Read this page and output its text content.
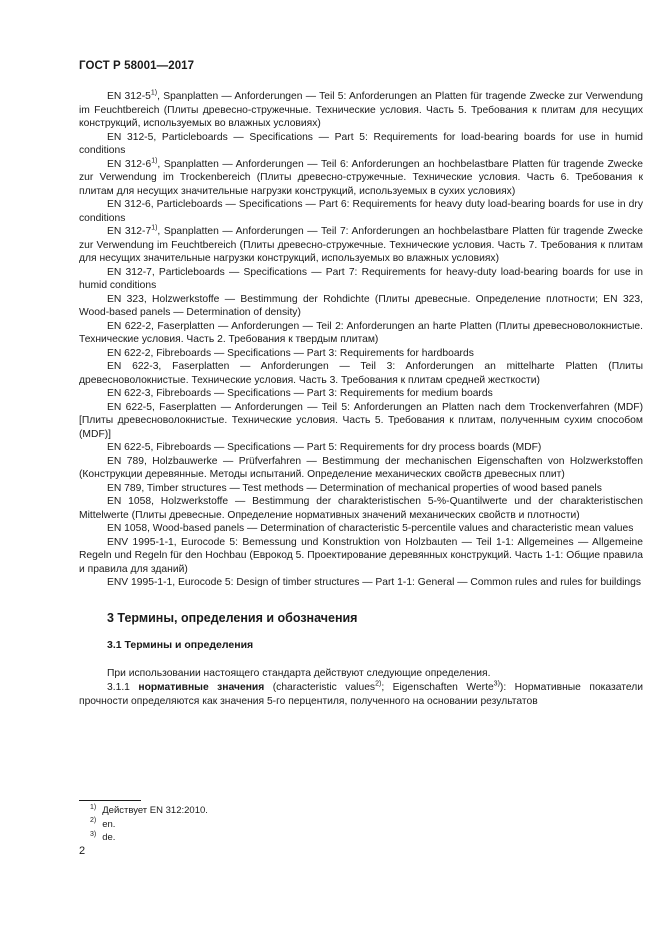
ГОСТ Р 58001—2017

EN 312-5$^{1)}$, Spanplatten — Anforderungen — Teil 5: Anforderungen an Platten für tragende Zwecke zur Verwendung im Feuchtbereich (Плиты древесно-стружечные. Технические условия. Часть 5. Требования к плитам для несущих конструкций, используемых во влажных условиях)

EN 312-5, Particleboards — Specifications — Part 5: Requirements for load-bearing boards for use in humid conditions

EN 312-6$^{1)}$, Spanplatten — Anforderungen — Teil 6: Anforderungen an hochbelastbare Platten für tragende Zwecke zur Verwendung im Trockenbereich (Плиты древесно-стружечные. Технические условия. Часть 6. Требования к плитам для несущих значительные нагрузки конструкций, используемых в сухих условиях)

EN 312-6, Particleboards — Specifications — Part 6: Requirements for heavy duty load-bearing boards for use in dry conditions

EN 312-7$^{1)}$, Spanplatten — Anforderungen — Teil 7: Anforderungen an hochbelastbare Platten für tragende Zwecke zur Verwendung im Feuchtbereich (Плиты древесно-стружечные. Технические условия. Часть 7. Требования к плитам для несущих значительные нагрузки конструкций, используемых во влажных условиях)

EN 312-7, Particleboards — Specifications — Part 7: Requirements for heavy-duty load-bearing boards for use in humid conditions

EN 323, Holzwerkstoffe — Bestimmung der Rohdichte (Плиты древесные. Определение плотности; EN 323, Wood-based panels — Determination of density)

EN 622-2, Faserplatten — Anforderungen — Teil 2: Anforderungen an harte Platten (Плиты древесноволокнистые. Технические условия. Часть 2. Требования к твердым плитам)

EN 622-2, Fibreboards — Specifications — Part 3: Requirements for hardboards

EN 622-3, Faserplatten — Anforderungen — Teil 3: Anforderungen an mittelharte Platten (Плиты древесноволокнистые. Технические условия. Часть 3. Требования к плитам средней жесткости)

EN 622-3, Fibreboards — Specifications — Part 3: Requirements for medium boards

EN 622-5, Faserplatten — Anforderungen — Teil 5: Anforderungen an Platten nach dem Trockenverfahren (MDF) [Плиты древесноволокнистые. Технические условия. Часть 5. Требования к плитам, полученным сухим способом (MDF)]

EN 622-5, Fibreboards — Specifications — Part 5: Requirements for dry process boards (MDF)

EN 789, Holzbauwerke — Prüfverfahren — Bestimmung der mechanischen Eigenschaften von Holzwerkstoffen (Конструкции деревянные. Методы испытаний. Определение механических свойств древесных плит)

EN 789, Timber structures — Test methods — Determination of mechanical properties of wood based panels

EN 1058, Holzwerkstoffe — Bestimmung der charakteristischen 5-%-Quantilwerte und der charakteristischen Mittelwerte (Плиты древесные. Определение нормативных значений механических свойств и плотности)

EN 1058, Wood-based panels — Determination of characteristic 5-percentile values and characteristic mean values

ENV 1995-1-1, Eurocode 5: Bemessung und Konstruktion von Holzbauten — Teil 1-1: Allgemeines — Allgemeine Regeln und Regeln für den Hochbau (Еврокод 5. Проектирование деревянных конструкций. Часть 1-1: Общие правила и правила для зданий)

ENV 1995-1-1, Eurocode 5: Design of timber structures — Part 1-1: General — Common rules and rules for buildings

3 Термины, определения и обозначения
3.1 Термины и определения

При использовании настоящего стандарта действуют следующие определения.

3.1.1 нормативные значения (characteristic values$^{2)}$; Eigenschaften Werte$^{3)}$): Нормативные показатели прочности определяются как значения 5-го перцентиля, полученного на основании результатов

$^{1)}$ Действует EN 312:2010.

$^{2)}$ en.

$^{3)}$ de.

2
